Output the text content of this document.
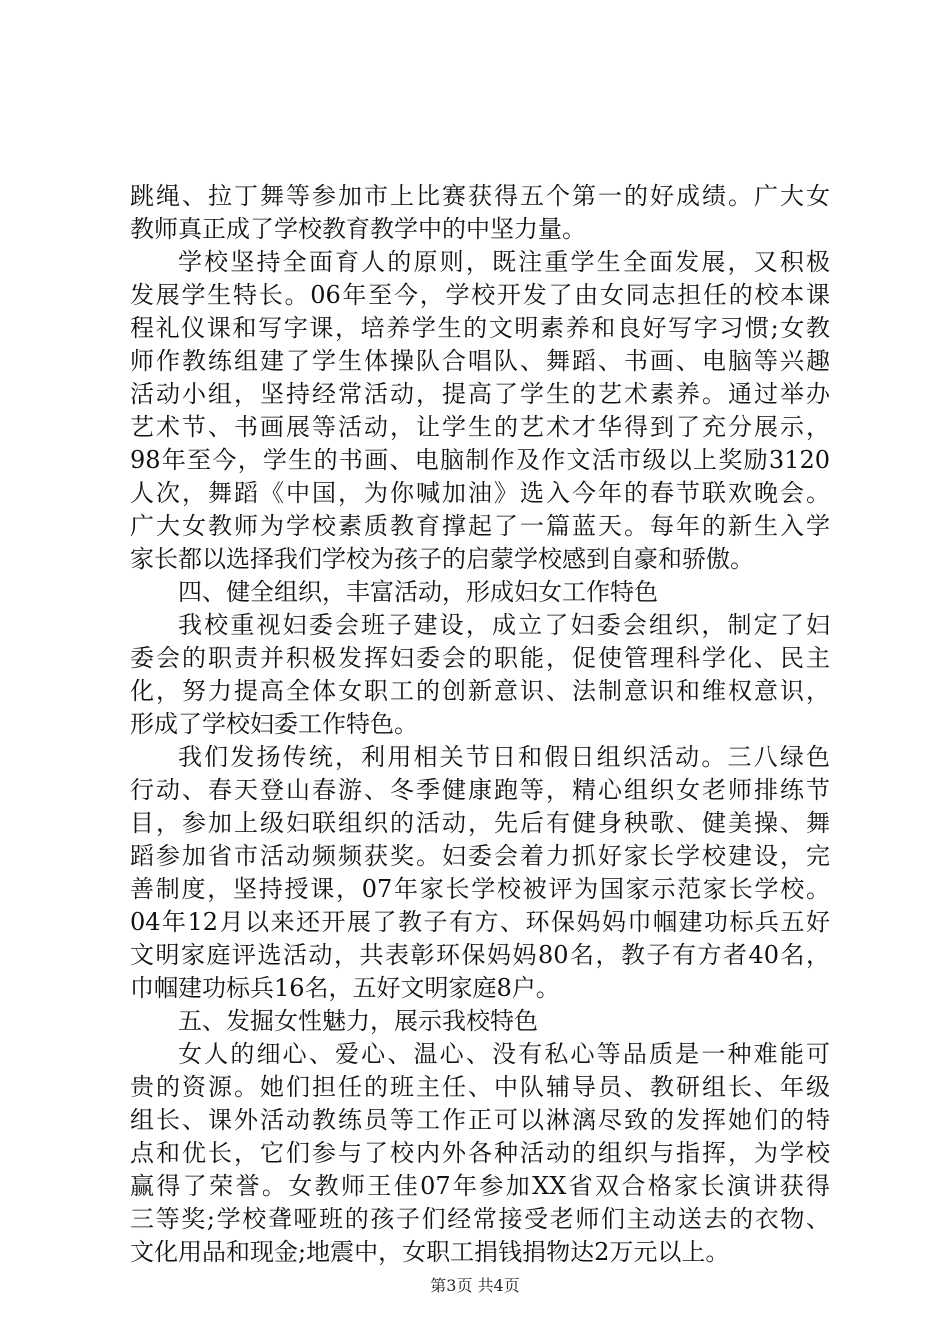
跳绳、拉丁舞等参加市上比赛获得五个第一的好成绩。广大女
教师真正成了学校教育教学中的中坚力量。
学校坚持全面育人的原则，既注重学生全面发展，又积极
发展学生特长。06年至今，学校开发了由女同志担任的校本课
程礼仪课和写字课，培养学生的文明素养和良好写字习惯;女教
师作教练组建了学生体操队合唱队、舞蹈、书画、电脑等兴趣
活动小组，坚持经常活动，提高了学生的艺术素养。通过举办
艺术节、书画展等活动，让学生的艺术才华得到了充分展示，
98年至今，学生的书画、电脑制作及作文活市级以上奖励3120
人次，舞蹈《中国，为你喊加油》选入今年的春节联欢晚会。
广大女教师为学校素质教育撑起了一篇蓝天。每年的新生入学
家长都以选择我们学校为孩子的启蒙学校感到自豪和骄傲。
四、健全组织，丰富活动，形成妇女工作特色
我校重视妇委会班子建设，成立了妇委会组织，制定了妇
委会的职责并积极发挥妇委会的职能，促使管理科学化、民主
化，努力提高全体女职工的创新意识、法制意识和维权意识，
形成了学校妇委工作特色。
我们发扬传统，利用相关节日和假日组织活动。三八绿色
行动、春天登山春游、冬季健康跑等，精心组织女老师排练节
目，参加上级妇联组织的活动，先后有健身秧歌、健美操、舞
蹈参加省市活动频频获奖。妇委会着力抓好家长学校建设，完
善制度，坚持授课，07年家长学校被评为国家示范家长学校。
04年12月以来还开展了教子有方、环保妈妈巾帼建功标兵五好
文明家庭评选活动，共表彰环保妈妈80名，教子有方者40名，
巾帼建功标兵16名，五好文明家庭8户。
五、发掘女性魅力，展示我校特色
女人的细心、爱心、温心、没有私心等品质是一种难能可
贵的资源。她们担任的班主任、中队辅导员、教研组长、年级
组长、课外活动教练员等工作正可以淋漓尽致的发挥她们的特
点和优长，它们参与了校内外各种活动的组织与指挥，为学校
赢得了荣誉。女教师王佳07年参加XX省双合格家长演讲获得
三等奖;学校聋哑班的孩子们经常接受老师们主动送去的衣物、
文化用品和现金;地震中，女职工捐钱捐物达2万元以上。
第3页 共4页
